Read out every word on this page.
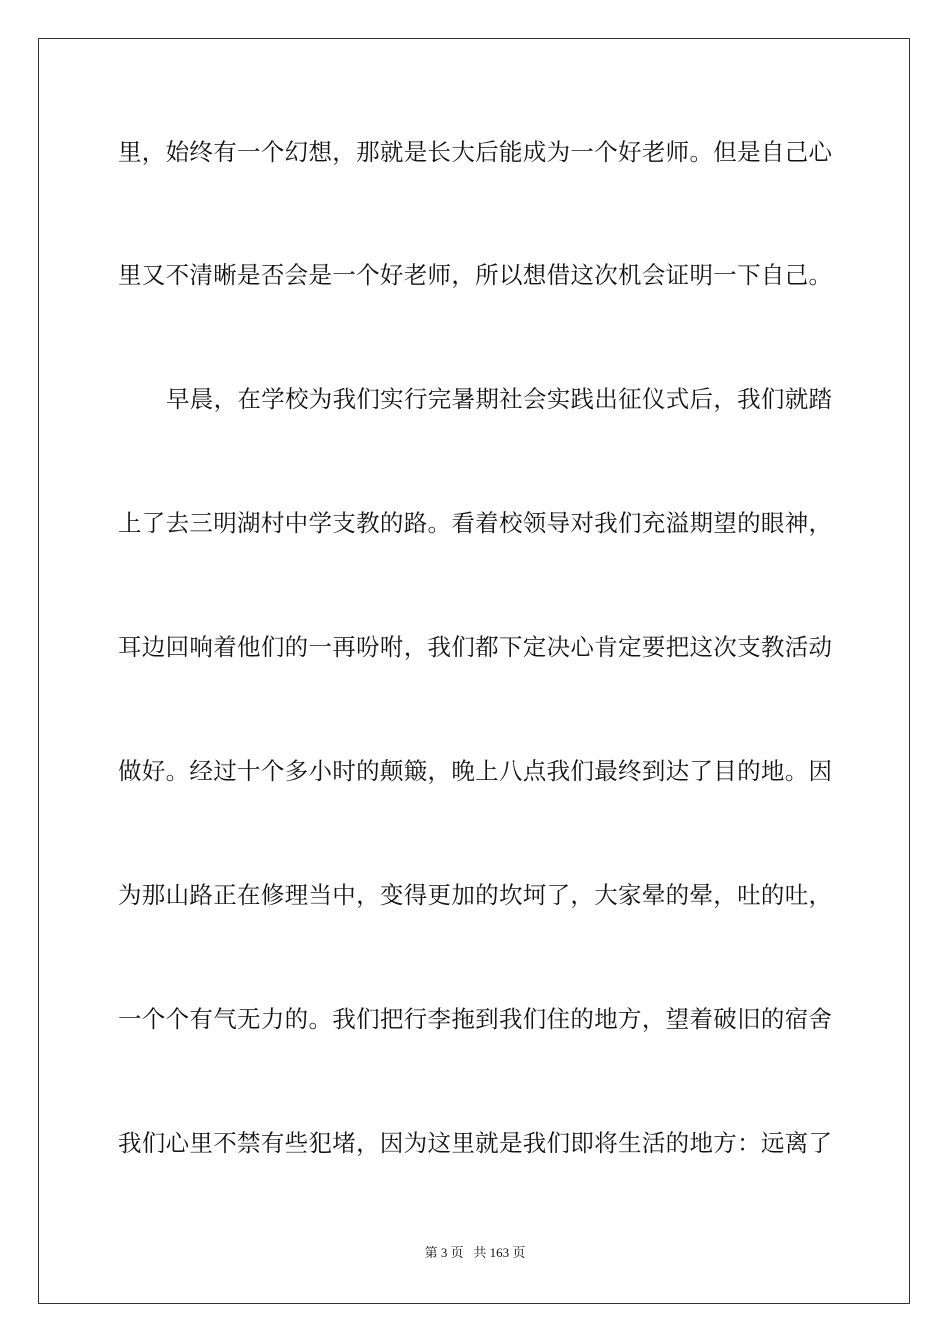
里，始终有一个幻想，那就是长大后能成为一个好老师。但是自己心
里又不清晰是否会是一个好老师，所以想借这次机会证明一下自己。
早晨，在学校为我们实行完暑期社会实践出征仪式后，我们就踏
上了去三明湖村中学支教的路。看着校领导对我们充溢期望的眼神，
耳边回响着他们的一再吩咐，我们都下定决心肯定要把这次支教活动
做好。经过十个多小时的颠簸，晚上八点我们最终到达了目的地。因
为那山路正在修理当中，变得更加的坎坷了，大家晕的晕，吐的吐，
一个个有气无力的。我们把行李拖到我们住的地方，望着破旧的宿舍
我们心里不禁有些犯堵，因为这里就是我们即将生活的地方：远离了
第 3 页 共 163 页
